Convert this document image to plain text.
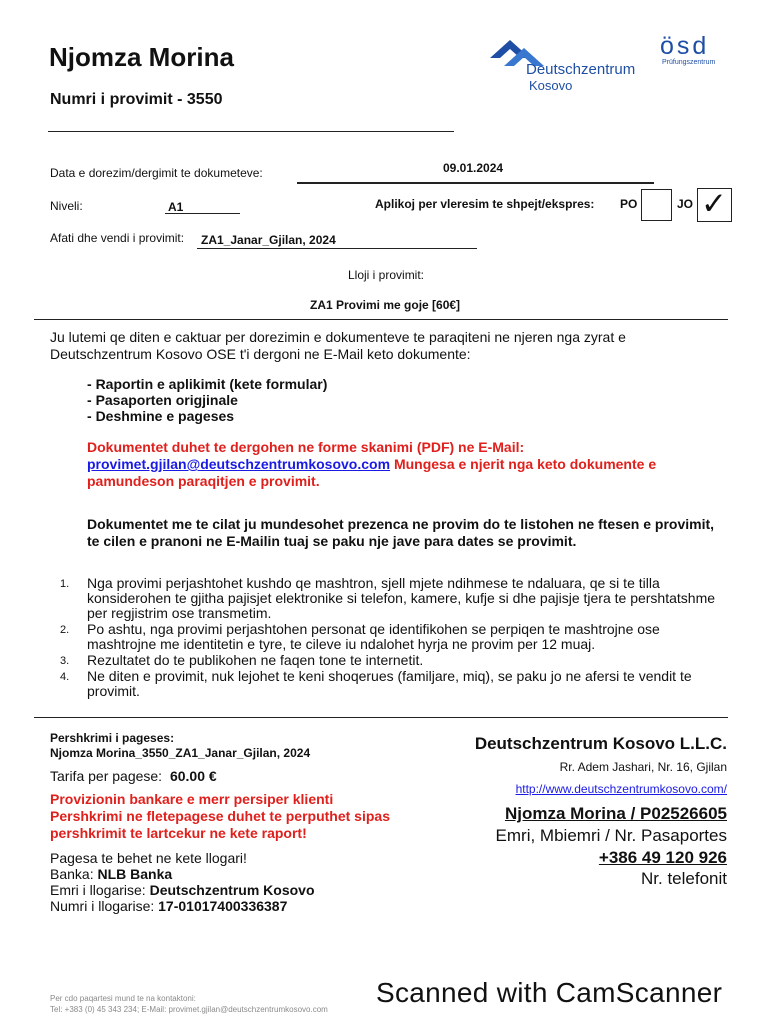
Njomza Morina
Numri i provimit - 3550
Deutschzentrum
Kosovo
ösd
Prüfungszentrum
Data e dorezim/dergimit te dokumeteve:	09.01.2024
Niveli:	A1	Aplikoj per vleresim te shpejt/ekspres: PO	JO ✓
Afati dhe vendi i provimit: ZA1_Janar_Gjilan, 2024
Lloji i provimit:
ZA1 Provimi me goje [60€]
Ju lutemi qe diten e caktuar per dorezimin e dokumenteve te paraqiteni ne njeren nga zyrat e Deutschzentrum Kosovo OSE t'i dergoni ne E-Mail keto dokumente:
- Raportin e aplikimit (kete formular)
- Pasaporten origjinale
- Deshmine e pageses
Dokumentet duhet te dergohen ne forme skanimi (PDF) ne E-Mail:
provimet.gjilan@deutschzentrumkosovo.com Mungesa e njerit nga keto dokumente e pamundeson paraqitjen e provimit.
Dokumentet me te cilat ju mundesohet prezenca ne provim do te listohen ne ftesen e provimit, te cilen e pranoni ne E-Mailin tuaj se paku nje jave para dates se provimit.
1. Nga provimi perjashtohet kushdo qe mashtron, sjell mjete ndihmese te ndaluara, qe si te tilla konsiderohen te gjitha pajisjet elektronike si telefon, kamere, kufje si dhe pajisje tjera te pershtatshme per regjistrim ose transmetim.
2. Po ashtu, nga provimi perjashtohen personat qe identifikohen se perpiqen te mashtrojne ose mashtrojne me identitetin e tyre, te cileve iu ndalohet hyrja ne provim per 12 muaj.
3. Rezultatet do te publikohen ne faqen tone te internetit.
4. Ne diten e provimit, nuk lejohet te keni shoqerues (familjare, miq), se paku jo ne afersi te vendit te provimit.
Pershkrimi i pageses:
Njomza Morina_3550_ZA1_Janar_Gjilan, 2024
Tarifa per pagese: 60.00 €
Provizionin bankare e merr persiper klienti
Pershkrimi ne fletepagese duhet te perputhet sipas pershkrimit te lartcekur ne kete raport!
Pagesa te behet ne kete llogari!
Banka: NLB Banka
Emri i llogarise: Deutschzentrum Kosovo
Numri i llogarise: 17-01017400336387
Deutschzentrum Kosovo L.L.C.
Rr. Adem Jashari, Nr. 16, Gjilan
http://www.deutschzentrumkosovo.com/
Njomza Morina / P02526605
Emri, Mbiemri / Nr. Pasaportes
+386 49 120 926
Nr. telefonit
Per cdo paqartesi mund te na kontaktoni:
Tel: +383 (0) 45 343 234; E-Mail: provimet.gjilan@deutschzentrumkosovo.com
Scanned with CamScanner
